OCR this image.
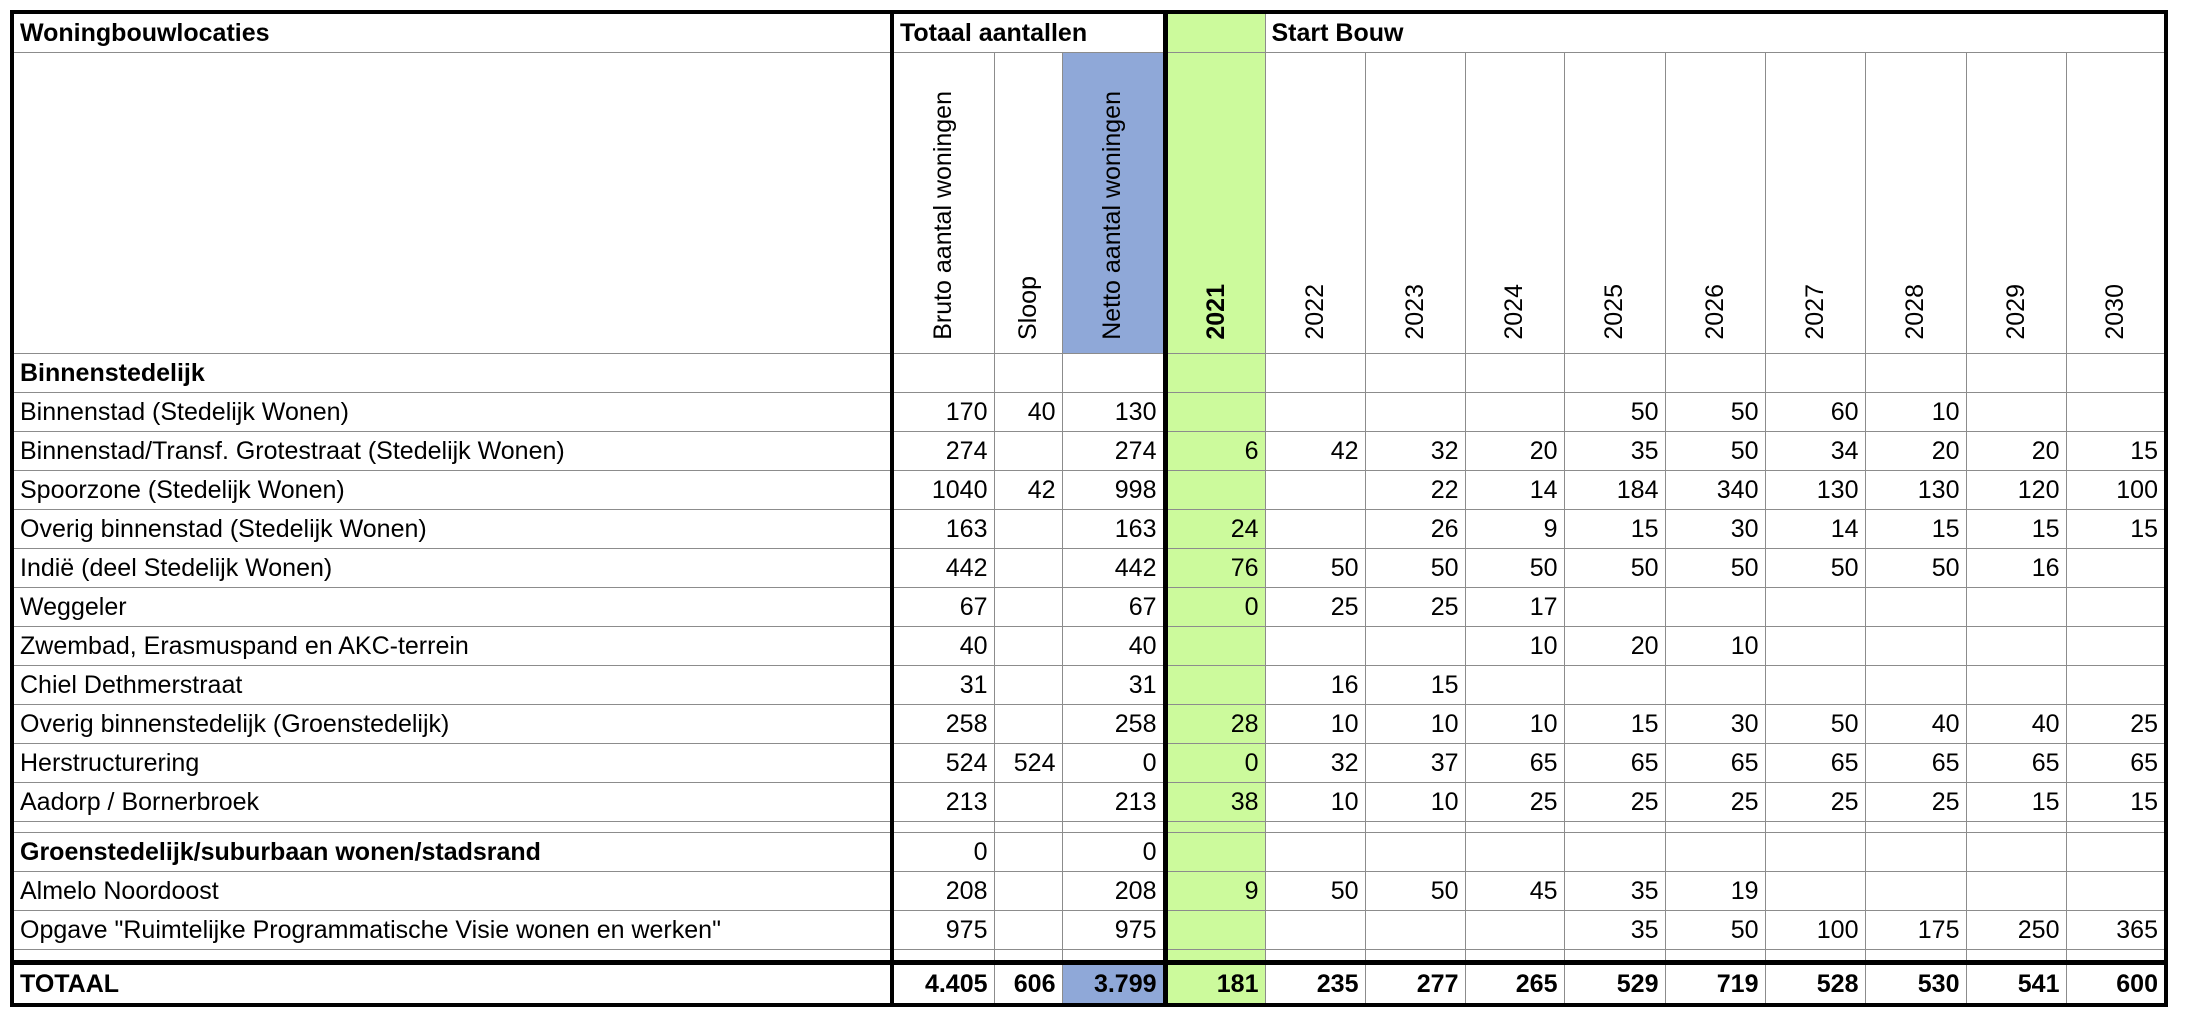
Woningbouwlocaties	Totaal aantallen				Start Bouw								
	Bruto aantal woningen	Sloop	Netto aantal woningen	2021	2022	2023	2024	2025	2026	2027	2028	2029	2030
Binnenstedelijk													
Binnenstad (Stedelijk Wonen)	170	40	130					50	50	60	10		
Binnenstad/Transf. Grotestraat (Stedelijk Wonen)	274		274	6	42	32	20	35	50	34	20	20	15
Spoorzone (Stedelijk Wonen)	1040	42	998			22	14	184	340	130	130	120	100
Overig binnenstad (Stedelijk Wonen)	163		163	24		26	9	15	30	14	15	15	15
Indië (deel Stedelijk Wonen)	442		442	76	50	50	50	50	50	50	50	16	
Weggeler	67		67	0	25	25	17						
Zwembad, Erasmuspand en AKC-terrein	40		40				10	20	10				
Chiel Dethmerstraat	31		31		16	15							
Overig binnenstedelijk (Groenstedelijk)	258		258	28	10	10	10	15	30	50	40	40	25
Herstructurering	524	524	0	0	32	37	65	65	65	65	65	65	65
Aadorp / Bornerbroek	213		213	38	10	10	25	25	25	25	25	15	15

Groenstedelijk/suburbaan wonen/stadsrand	0		0										
Almelo Noordoost	208		208	9	50	50	45	35	19				
Opgave "Ruimtelijke Programmatische Visie wonen en werken"	975		975					35	50	100	175	250	365

TOTAAL	4.405	606	3.799	181	235	277	265	529	719	528	530	541	600
